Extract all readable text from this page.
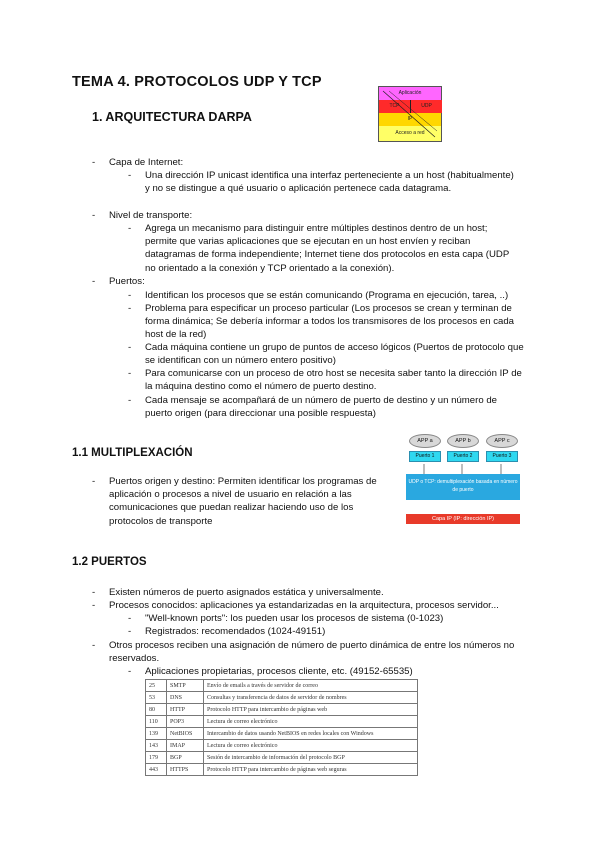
TEMA 4. PROTOCOLOS UDP Y TCP
1. ARQUITECTURA DARPA
Aplicación
TCP	UDP
IP
Acceso a red
- Capa de Internet:
- Una dirección IP unicast identifica una interfaz perteneciente a un host (habitualmente) y no se distingue a qué usuario o aplicación pertenece cada datagrama.
- Nivel de transporte:
- Agrega un mecanismo para distinguir entre múltiples destinos dentro de un host; permite que varias aplicaciones que se ejecutan en un host envíen y reciban datagramas de forma independiente; Internet tiene dos protocolos en esta capa (UDP no orientado a la conexión y TCP orientado a la conexión).
- Puertos:
- Identifican los procesos que se están comunicando (Programa en ejecución, tarea, ..)
- Problema para especificar un proceso particular (Los procesos se crean y terminan de forma dinámica; Se debería informar a todos los transmisores de los procesos en cada host de la red)
- Cada máquina contiene un grupo de puntos de acceso lógicos (Puertos de protocolo que se identifican con un número entero positivo)
- Para comunicarse con un proceso de otro host se necesita saber tanto la dirección IP de la máquina destino como el número de puerto destino.
- Cada mensaje se acompañará de un número de puerto de destino y un número de puerto origen (para direccionar una posible respuesta)
1.1 MULTIPLEXACIÓN
- Puertos origen y destino: Permiten identificar los programas de aplicación o procesos a nivel de usuario en relación a las comunicaciones que puedan realizar haciendo uso de los protocolos de transporte
APP a	APP b	APP c
Puerto 1	Puerto 2	Puerto 3
UDP o TCP: demultiplexación basada en número de puerto
Capa IP (IP: dirección IP)
1.2 PUERTOS
- Existen números de puerto asignados estática y universalmente.
- Procesos conocidos: aplicaciones ya estandarizadas en la arquitectura, procesos servidor...
- "Well-known ports": los pueden usar los procesos de sistema (0-1023)
- Registrados: recomendados (1024-49151)
- Otros procesos reciben una asignación de número de puerto dinámica de entre los números no reservados.
- Aplicaciones propietarias, procesos cliente, etc. (49152-65535)
25	SMTP	Envío de emails a través de servidor de correo
53	DNS	Consultas y transferencia de datos de servidor de nombres
80	HTTP	Protocolo HTTP para intercambio de páginas web
110	POP3	Lectura de correo electrónico
139	NetBIOS	Intercambio de datos usando NetBIOS en redes locales con Windows
143	IMAP	Lectura de correo electrónico
179	BGP	Sesión de intercambio de información del protocolo BGP
443	HTTPS	Protocolo HTTP para intercambio de páginas web seguras
